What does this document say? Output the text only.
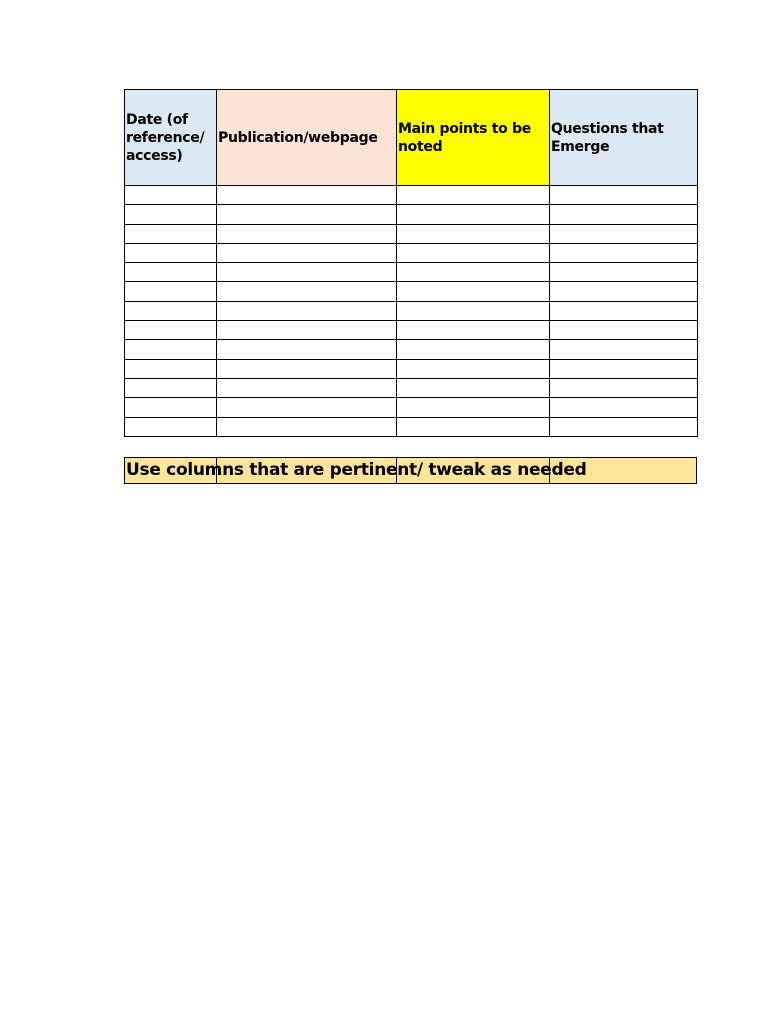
Date (of reference/ access)	Publication/webpage	Main points to be noted	Questions that Emerge

Use columns that are pertinent/ tweak as needed
